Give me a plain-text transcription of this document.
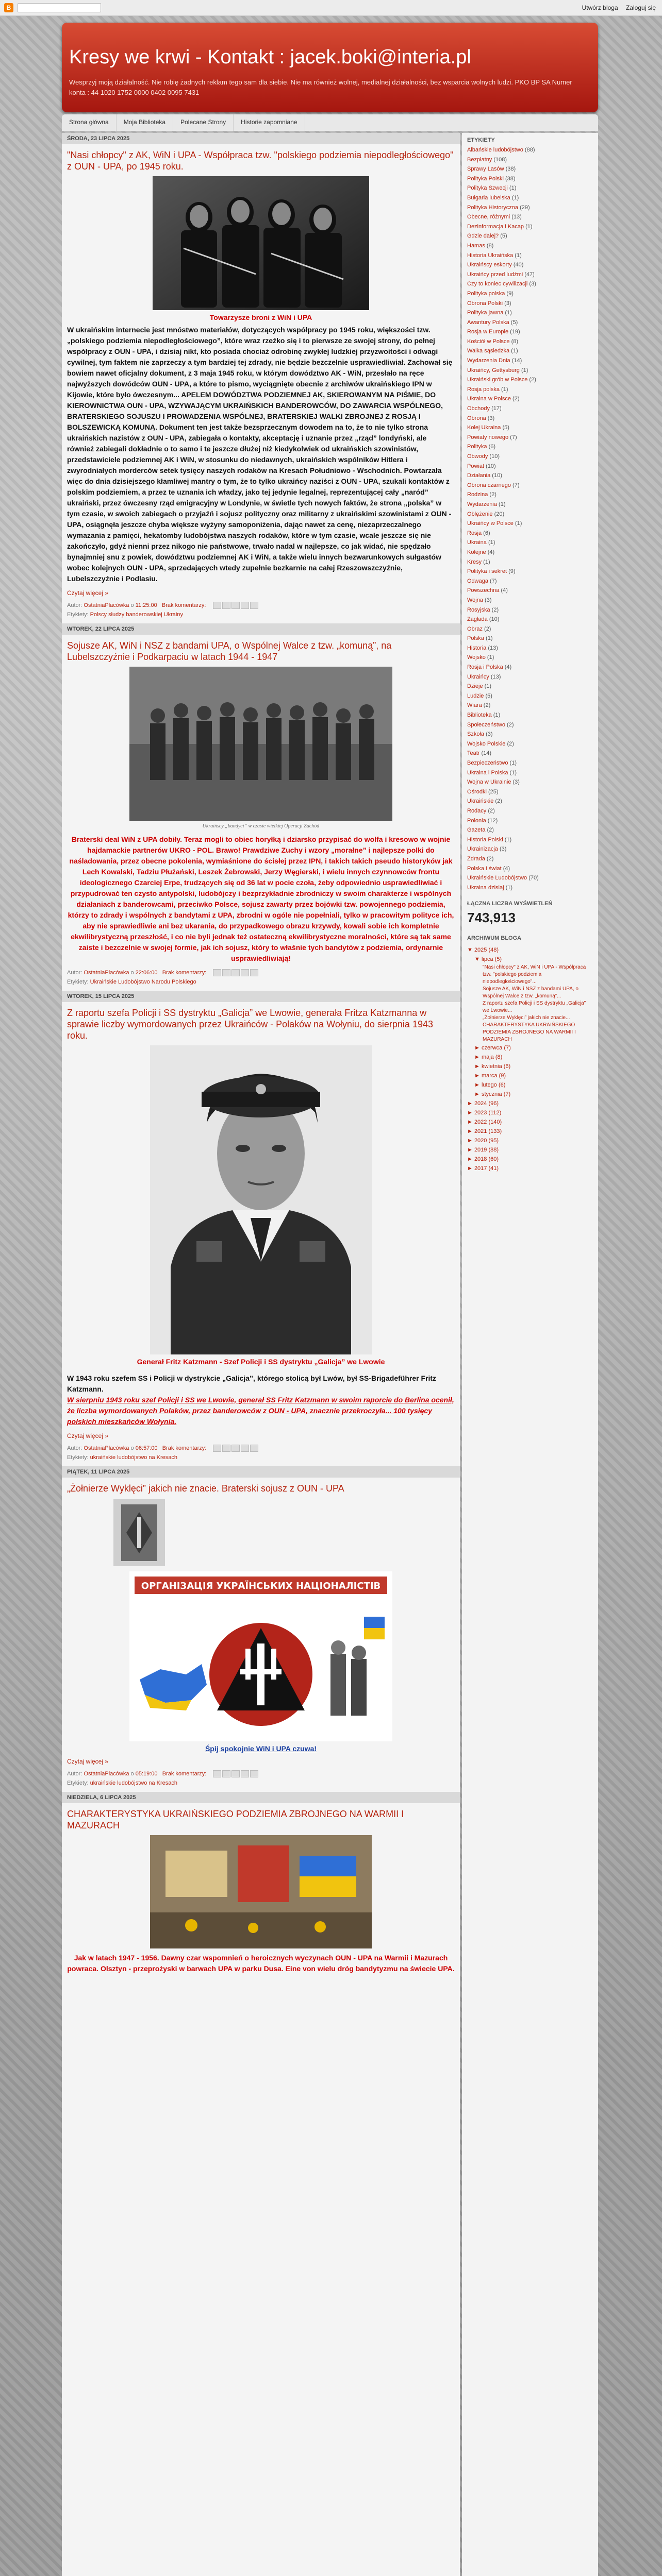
B	Utwórz bloga Zaloguj się
Kresy we krwi - Kontakt : jacek.boki@interia.pl
Wesprzyj moją działalność. Nie robię żadnych reklam tego sam dla siebie. Nie ma również wolnej, medialnej działalności, bez wsparcia wolnych ludzi. PKO BP SA Numer konta : 44 1020 1752 0000 0402 0095 7431
Strona główna	Moja Biblioteka	Polecane Strony	Historie zapomniane
ŚRODA, 23 LIPCA 2025
"Nasi chłopcy" z AK, WiN i UPA - Współpraca tzw. "polskiego podziemia niepodległościowego" z OUN - UPA, po 1945 roku.
Towarzysze broni z WiN i UPA
W ukraińskim internecie jest mnóstwo materiałów, dotyczących współpracy po 1945 roku, większości tzw. „polskiego podziemia niepodległościowego”, które wraz rzeźko się i to pierwsze ze swojej strony, do pełnej współpracy z OUN - UPA, i dzisiaj nikt, kto posiada chociaż odrobinę zwykłej ludzkiej przyzwoitości i odwagi cywilnej, tym faktem nie zaprzeczy a tym bardziej tej zdrady, nie będzie bezczelnie usprawiedliwiał. Zachował się bowiem nawet oficjalny dokument, z 3 maja 1945 roku, w którym dowództwo AK - WiN, przesłało na ręce najwyższych dowódców OUN - UPA, a które to pismo, wyciągnięte obecnie z archiwów ukraińskiego IPN w Kijowie, które było ówczesnym... APELEM DOWÓDZTWA PODZIEMNEJ AK, SKIEROWANYM NA PIŚMIE, DO KIEROWNICTWA OUN - UPA, WZYWAJĄCYM UKRAIŃSKICH BANDEROWCÓW, DO ZAWARCIA WSPÓLNEGO, BRATERSKIEGO SOJUSZU I PROWADZENIA WSPÓLNEJ, BRATERSKIEJ WALKI ZBROJNEJ Z ROSJĄ I BOLSZEWICKĄ KOMUNĄ. Dokument ten jest także bezsprzecznym dowodem na to, że to nie tylko strona ukraińskich nazistów z OUN - UPA, zabiegała o kontakty, akceptację i uznanie przez „rząd” londyński, ale również zabiegali dokładnie o to samo i te jeszcze dłużej niż kiedykolwiek od ukraińskich szowinistów, przedstawiciele podziemnej AK i WiN, w stosunku do niedawnych, ukraińskich wspólników Hitlera i zwyrodniałych morderców setek tysięcy naszych rodaków na Kresach Południowo - Wschodnich. Powtarzała więc do dnia dzisiejszego kłamliwej mantry o tym, że to tylko ukraińcy naziści z OUN - UPA, szukali kontaktów z polskim podziemiem, a przez te uznania ich władzy, jako tej jedynie legalnej, reprezentującej cały „naród” ukraiński, przez ówczesny rząd emigracyjny w Londynie, w świetle tych nowych faktów, że strona „polska” w tym czasie, w swoich zabiegach o przyjaźń i sojusz polityczny oraz militarny z ukraińskimi szowinistami z OUN - UPA, osiągnęła jeszcze chyba większe wyżyny samoponiżenia, dając nawet za cenę, niezaprzeczalnego wymazania z pamięci, hekatomby ludobójstwa naszych rodaków, które w tym czasie, wcale jeszcze się nie zakończyło, gdyż nienni przez nikogo nie państwowe, trwało nadal w najlepsze, co jak widać, nie spędzało bynajmniej snu z powiek, dowództwu podziemnej AK i WiN, a także wielu innych bezwarunkowych sułgastów wobec kolejnych OUN - UPA, sprzedających wtedy zupełnie bezkarnie na całej Rzeszowszczyźnie, Lubelszczyźnie i Podlasiu.
Czytaj więcej »
Autor: OstatniaPlacówka o 11:25:00 Brak komentarzy:
Etykiety: Polscy słudzy banderowskiej Ukrainy
WTOREK, 22 LIPCA 2025
Sojusze AK, WiN i NSZ z bandami UPA, o Wspólnej Walce z tzw. „komuną”, na Lubelszczyźnie i Podkarpaciu w latach 1944 - 1947
Ukraińscy „bandyci” w czasie wielkiej Operacji Zachód
Braterski deal WiN z UPA dobiły. Teraz mogli to obiec horyłką i dziarsko przypisać do wolfa i kresowo w wojnie hajdamackie partnerów UKRO - POL. Brawo! Prawdziwe Zuchy i wzory „morałne” i najlepsze polki do naśladowania, przez obecne pokolenia, wymiaśnione do ścisłej przez IPN, i takich takich pseudo historyków jak Lech Kowalski, Tadziu Płużański, Leszek Żebrowski, Jerzy Węgierski, i wielu innych czynnowców frontu ideologicznego Czarciej Erpe, trudzących się od 36 lat w pocie czoła, żeby odpowiednio usprawiedliwiać i przypudrować ten czysto antypolski, ludobójczy i bezprzykładnie zbrodniczy w swoim charakterze i wspólnych działaniach z banderowcami, przeciwko Polsce, sojusz zawarty przez bojówki tzw. powojennego podziemia, którzy to zdrady i wspólnych z bandytami z UPA, zbrodni w ogóle nie popełniali, tylko w pracowitym polityce ich, aby nie sprawiedliwie ani bez ukarania, do przypadkowego obrazu krzywdy, kowali sobie ich kompletnie ekwilibrystyczną przeszłość, i co nie byli jednak też ostateczną ekwilibrystyczne moralności, które są tak same zaiste i bezczelnie w swojej formie, jak ich sojusz, który to właśnie tych bandytów z podziemia, ordynarnie usprawiedliwiają!
Autor: OstatniaPlacówka o 22:06:00 Brak komentarzy:
Etykiety: Ukraińskie Ludobójstwo Narodu Polskiego
WTOREK, 15 LIPCA 2025
Z raportu szefa Policji i SS dystryktu „Galicja” we Lwowie, generała Fritza Katzmanna w sprawie liczby wymordowanych przez Ukraińców - Polaków na Wołyniu, do sierpnia 1943 roku.
Generał Fritz Katzmann - Szef Policji i SS dystryktu „Galicja” we Lwowie
W 1943 roku szefem SS i Policji w dystrykcie „Galicja”, którego stolicą był Lwów, był SS-Brigadeführer Fritz Katzmann.
W sierpniu 1943 roku szef Policji i SS we Lwowie, generał SS Fritz Katzmann w swoim raporcie do Berlina ocenił, że liczba wymordowanych Polaków, przez banderowców z OUN - UPA, znacznie przekroczyła... 100 tysięcy polskich mieszkańców Wołynia.
Czytaj więcej »
Autor: OstatniaPlacówka o 06:57:00 Brak komentarzy:
Etykiety: ukraińskie ludobójstwo na Kresach
PIĄTEK, 11 LIPCA 2025
„Żołnierze Wyklęci” jakich nie znacie. Braterski sojusz z OUN - UPA
ОРГАНІЗАЦІЯ УКРАЇНСЬКИХ НАЦІОНАЛІСТІВ
Śpij spokojnie WiN i UPA czuwa!
Czytaj więcej »
Autor: OstatniaPlacówka o 05:19:00 Brak komentarzy:
Etykiety: ukraińskie ludobójstwo na Kresach
NIEDZIELA, 6 LIPCA 2025
CHARAKTERYSTYKA UKRAIŃSKIEGO PODZIEMIA ZBROJNEGO NA WARMII I MAZURACH
Jak w latach 1947 - 1956. Dawny czar wspomnień o heroicznych wyczynach OUN - UPA na Warmii i Mazurach powraca. Olsztyn - przeprożyski w barwach UPA w parku Dusa. Eine von wielu dróg bandytyzmu na świecie UPA.
ETYKIETY
Albańskie ludobójstwo (88)
Bezpłatny (108)
Sprawy Lasów (38)
Polityka Polski (38)
Polityka Szwecji (1)
Bułgaria lubelska (1)
Polityka Historyczna (29)
Obecne, różnymi (13)
Dezinformacja i Kacap (1)
Gdzie dalej? (5)
Hamas (8)
Historia Ukraińska (1)
Ukraińscy eskorty (40)
Ukraińcy przed ludźmi (47)
Czy to koniec cywilizacji (3)
Polityka polska (9)
Obrona Polski (3)
Polityka jawna (1)
Awantury Polska (5)
Rosja w Europie (19)
Kościół w Polsce (8)
Walka sąsiedzka (1)
Wydarzenia Dnia (14)
Ukraińcy, Gettysburg (1)
Ukraiński grób w Polsce (2)
Rosja polska (1)
Ukraina w Polsce (2)
Obchody (17)
Obrona (3)
Kolej Ukraina (5)
Powiaty nowego (7)
Polityka (6)
Obwody (10)
Powiat (10)
Działania (10)
Obrona czarnego (7)
Rodzina (2)
Wydarzenia (1)
Oblężenie (20)
Ukraińcy w Polsce (1)
Rosja (6)
Ukraina (1)
Kolejne (4)
Kresy (1)
Polityka i sekret (9)
Odwaga (7)
Powszechna (4)
Wojna (3)
Rosyjska (2)
Zagłada (10)
Obraz (2)
Polska (1)
Historia (13)
Wojsko (1)
Rosja i Polska (4)
Ukraińcy (13)
Dzieje (1)
Ludzie (5)
Wiara (2)
Biblioteka (1)
Społeczeństwo (2)
Szkoła (3)
Wojsko Polskie (2)
Teatr (14)
Bezpieczeństwo (1)
Ukraina i Polska (1)
Wojna w Ukrainie (3)
Ośrodki (25)
Ukraińskie (2)
Rodacy (2)
Polonia (12)
Gazeta (2)
Historia Polski (1)
Ukrainizacja (3)
Zdrada (2)
Polska i świat (4)
Ukraińskie Ludobójstwo (70)
Ukraina dzisiaj (1)
ŁĄCZNA LICZBA WYŚWIETLEŃ
743,913
ARCHIWUM BLOGA
▼ 2025 (48)
▼ lipca (5)
"Nasi chłopcy" z AK, WiN i UPA - Współpraca tzw. "polskiego podziemia niepodległościowego"...
Sojusze AK, WiN i NSZ z bandami UPA, o Wspólnej Walce z tzw. „komuną”...
Z raportu szefa Policji i SS dystryktu „Galicja” we Lwowie...
„Żołnierze Wyklęci” jakich nie znacie...
CHARAKTERYSTYKA UKRAIŃSKIEGO PODZIEMIA ZBROJNEGO NA WARMII I MAZURACH
► czerwca (7)
► maja (8)
► kwietnia (6)
► marca (9)
► lutego (6)
► stycznia (7)
► 2024 (96)
► 2023 (112)
► 2022 (140)
► 2021 (133)
► 2020 (95)
► 2019 (88)
► 2018 (60)
► 2017 (41)
